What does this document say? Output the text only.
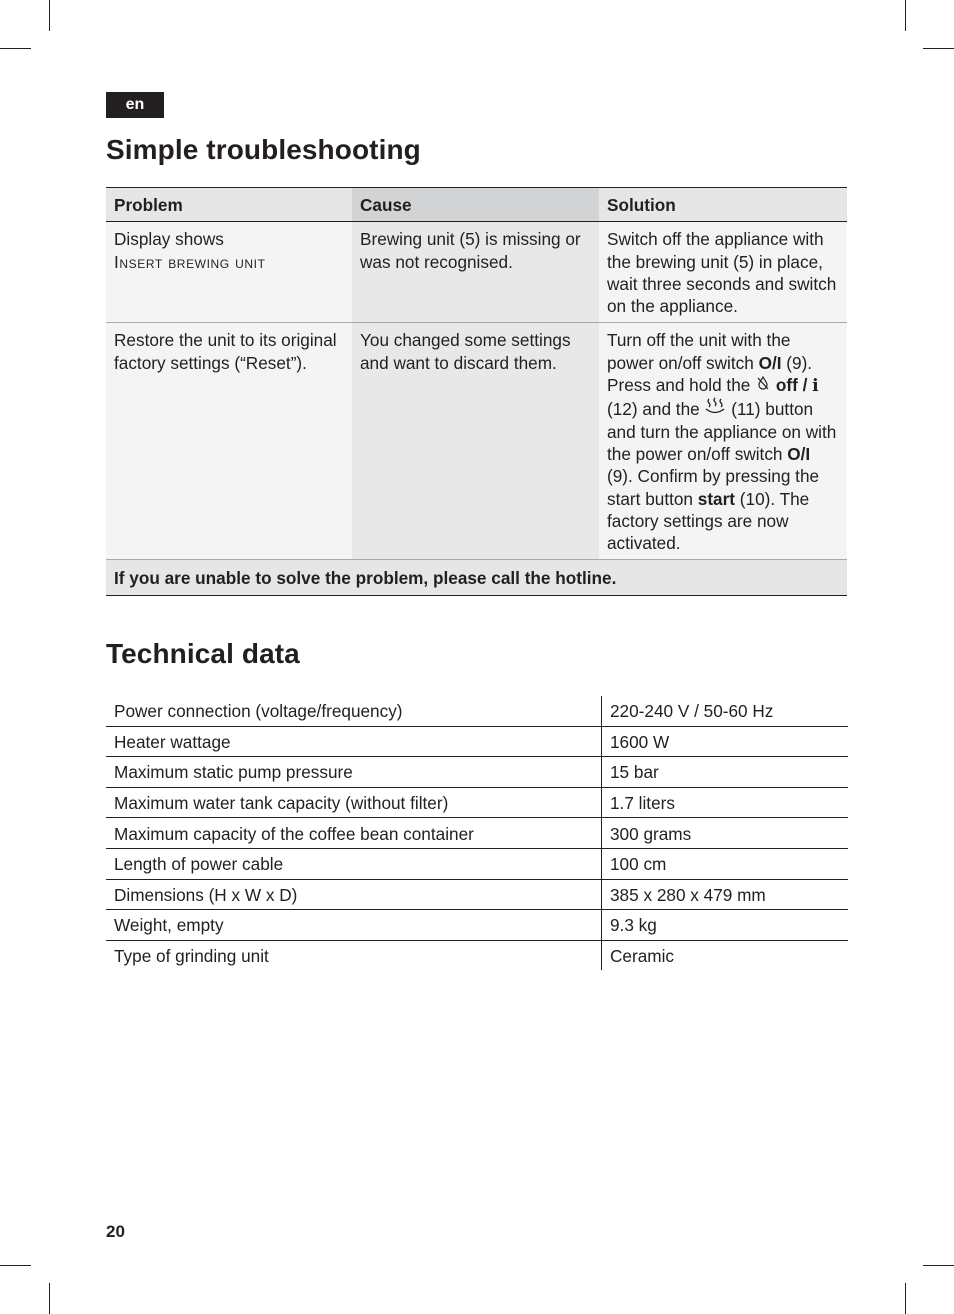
en
Simple troubleshooting
Problem	Cause	Solution
Display shows
Insert brewing unit	Brewing unit (5) is missing or was not recognised.	Switch off the appliance with the brewing unit (5) in place, wait three seconds and switch on the appliance.
Restore the unit to its original factory settings (“Reset”).	You changed some settings and want to discard them.	Turn off the unit with the power on/off switch O/I (9). Press and hold the  off / i (12) and the  (11) button and turn the appliance on with the power on/off switch O/I (9). Confirm by pressing the start button start (10). The factory settings are now activated.
If you are unable to solve the problem, please call the hotline.		
Technical data
Power connection (voltage/frequency)	220-240 V / 50-60 Hz
Heater wattage	1600 W
Maximum static pump pressure	15 bar
Maximum water tank capacity (without filter)	1.7 liters
Maximum capacity of the coffee bean container	300 grams
Length of power cable	100 cm
Dimensions (H x W x D)	385 x 280 x 479 mm
Weight, empty	9.3 kg
Type of grinding unit	Ceramic
20
